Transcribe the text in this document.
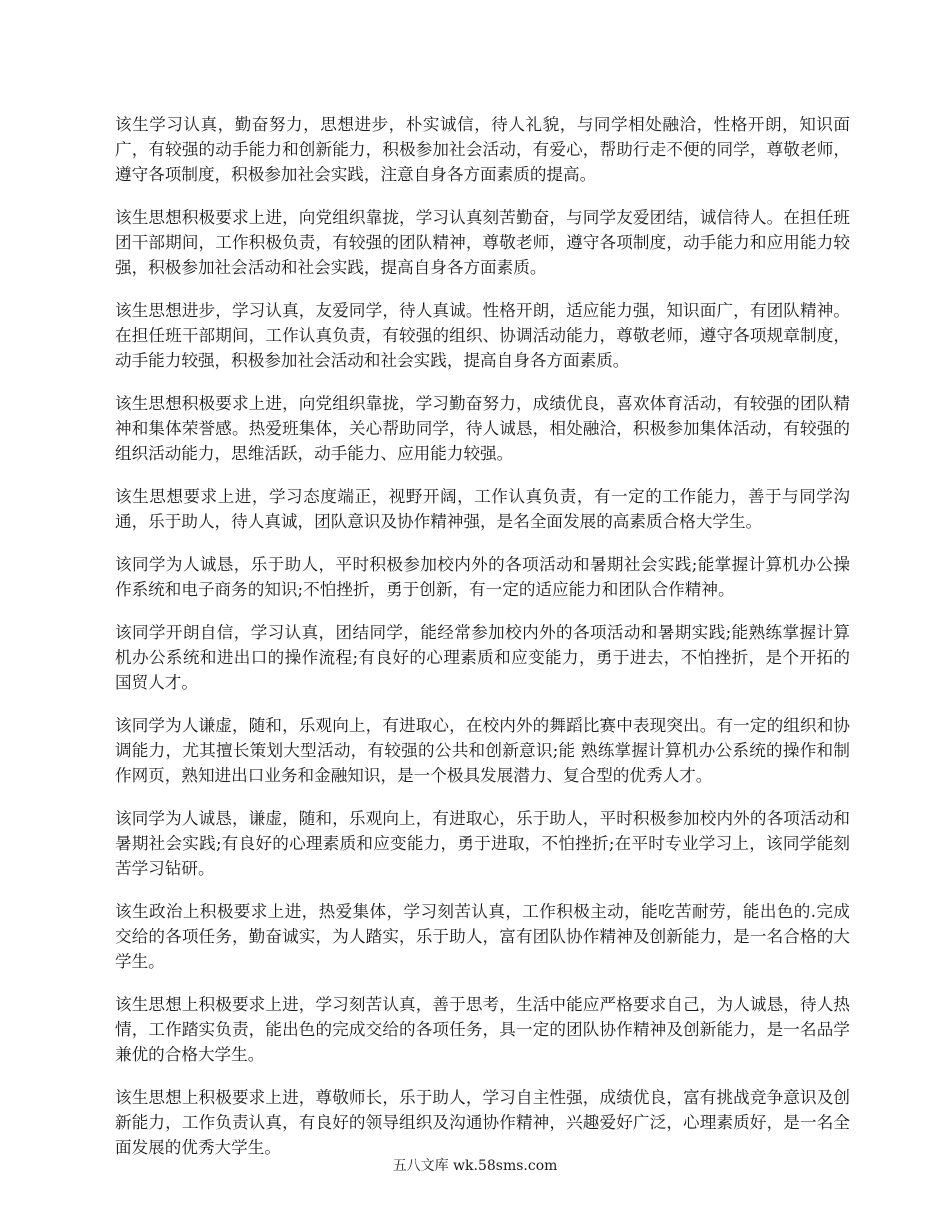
该生学习认真，勤奋努力，思想进步，朴实诚信，待人礼貌，与同学相处融洽，性格开朗，知识面广，有较强的动手能力和创新能力，积极参加社会活动，有爱心，帮助行走不便的同学，尊敬老师，遵守各项制度，积极参加社会实践，注意自身各方面素质的提高。

该生思想积极要求上进，向党组织靠拢，学习认真刻苦勤奋，与同学友爱团结，诚信待人。在担任班团干部期间，工作积极负责，有较强的团队精神，尊敬老师，遵守各项制度，动手能力和应用能力较强，积极参加社会活动和社会实践，提高自身各方面素质。

该生思想进步，学习认真，友爱同学，待人真诚。性格开朗，适应能力强，知识面广，有团队精神。在担任班干部期间，工作认真负责，有较强的组织、协调活动能力，尊敬老师，遵守各项规章制度，动手能力较强，积极参加社会活动和社会实践，提高自身各方面素质。

该生思想积极要求上进，向党组织靠拢，学习勤奋努力，成绩优良，喜欢体育活动，有较强的团队精神和集体荣誉感。热爱班集体，关心帮助同学，待人诚恳，相处融洽，积极参加集体活动，有较强的组织活动能力，思维活跃，动手能力、应用能力较强。

该生思想要求上进，学习态度端正，视野开阔，工作认真负责，有一定的工作能力，善于与同学沟通，乐于助人，待人真诚，团队意识及协作精神强，是名全面发展的高素质合格大学生。

该同学为人诚恳，乐于助人，平时积极参加校内外的各项活动和暑期社会实践;能掌握计算机办公操作系统和电子商务的知识;不怕挫折，勇于创新，有一定的适应能力和团队合作精神。

该同学开朗自信，学习认真，团结同学，能经常参加校内外的各项活动和暑期实践;能熟练掌握计算机办公系统和进出口的操作流程;有良好的心理素质和应变能力，勇于进去，不怕挫折，是个开拓的国贸人才。

该同学为人谦虚，随和，乐观向上，有进取心，在校内外的舞蹈比赛中表现突出。有一定的组织和协调能力，尤其擅长策划大型活动，有较强的公共和创新意识;能 熟练掌握计算机办公系统的操作和制作网页，熟知进出口业务和金融知识，是一个极具发展潜力、复合型的优秀人才。

该同学为人诚恳，谦虚，随和，乐观向上，有进取心，乐于助人，平时积极参加校内外的各项活动和暑期社会实践;有良好的心理素质和应变能力，勇于进取，不怕挫折;在平时专业学习上，该同学能刻苦学习钻研。

该生政治上积极要求上进，热爱集体，学习刻苦认真，工作积极主动，能吃苦耐劳，能出色的.完成交给的各项任务，勤奋诚实，为人踏实，乐于助人，富有团队协作精神及创新能力，是一名合格的大学生。

该生思想上积极要求上进，学习刻苦认真，善于思考，生活中能应严格要求自己，为人诚恳，待人热情，工作踏实负责，能出色的完成交给的各项任务，具一定的团队协作精神及创新能力，是一名品学兼优的合格大学生。

该生思想上积极要求上进，尊敬师长，乐于助人，学习自主性强，成绩优良，富有挑战竞争意识及创新能力，工作负责认真，有良好的领导组织及沟通协作精神，兴趣爱好广泛，心理素质好，是一名全面发展的优秀大学生。

五八文库 wk.58sms.com
